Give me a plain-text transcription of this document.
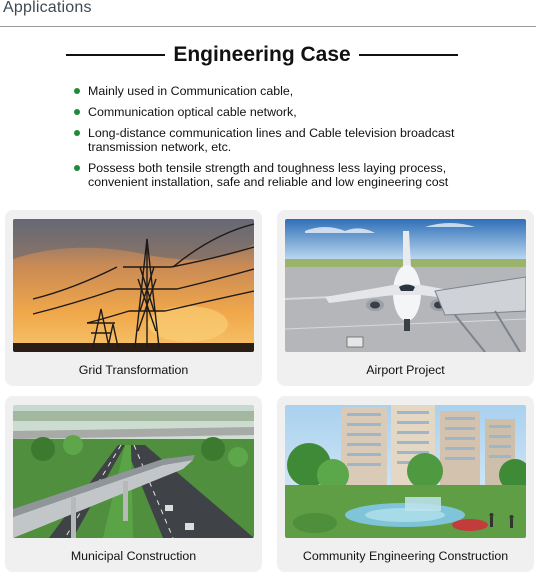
Applications
Engineering Case
Mainly used in Communication cable,
Communication optical cable network,
Long-distance communication lines and Cable television broadcast transmission network, etc.
Possess both tensile strength and toughness less laying process, convenient installation, safe and reliable and low engineering cost
Grid Transformation	Airport Project
Municipal Construction	Community Engineering Construction
